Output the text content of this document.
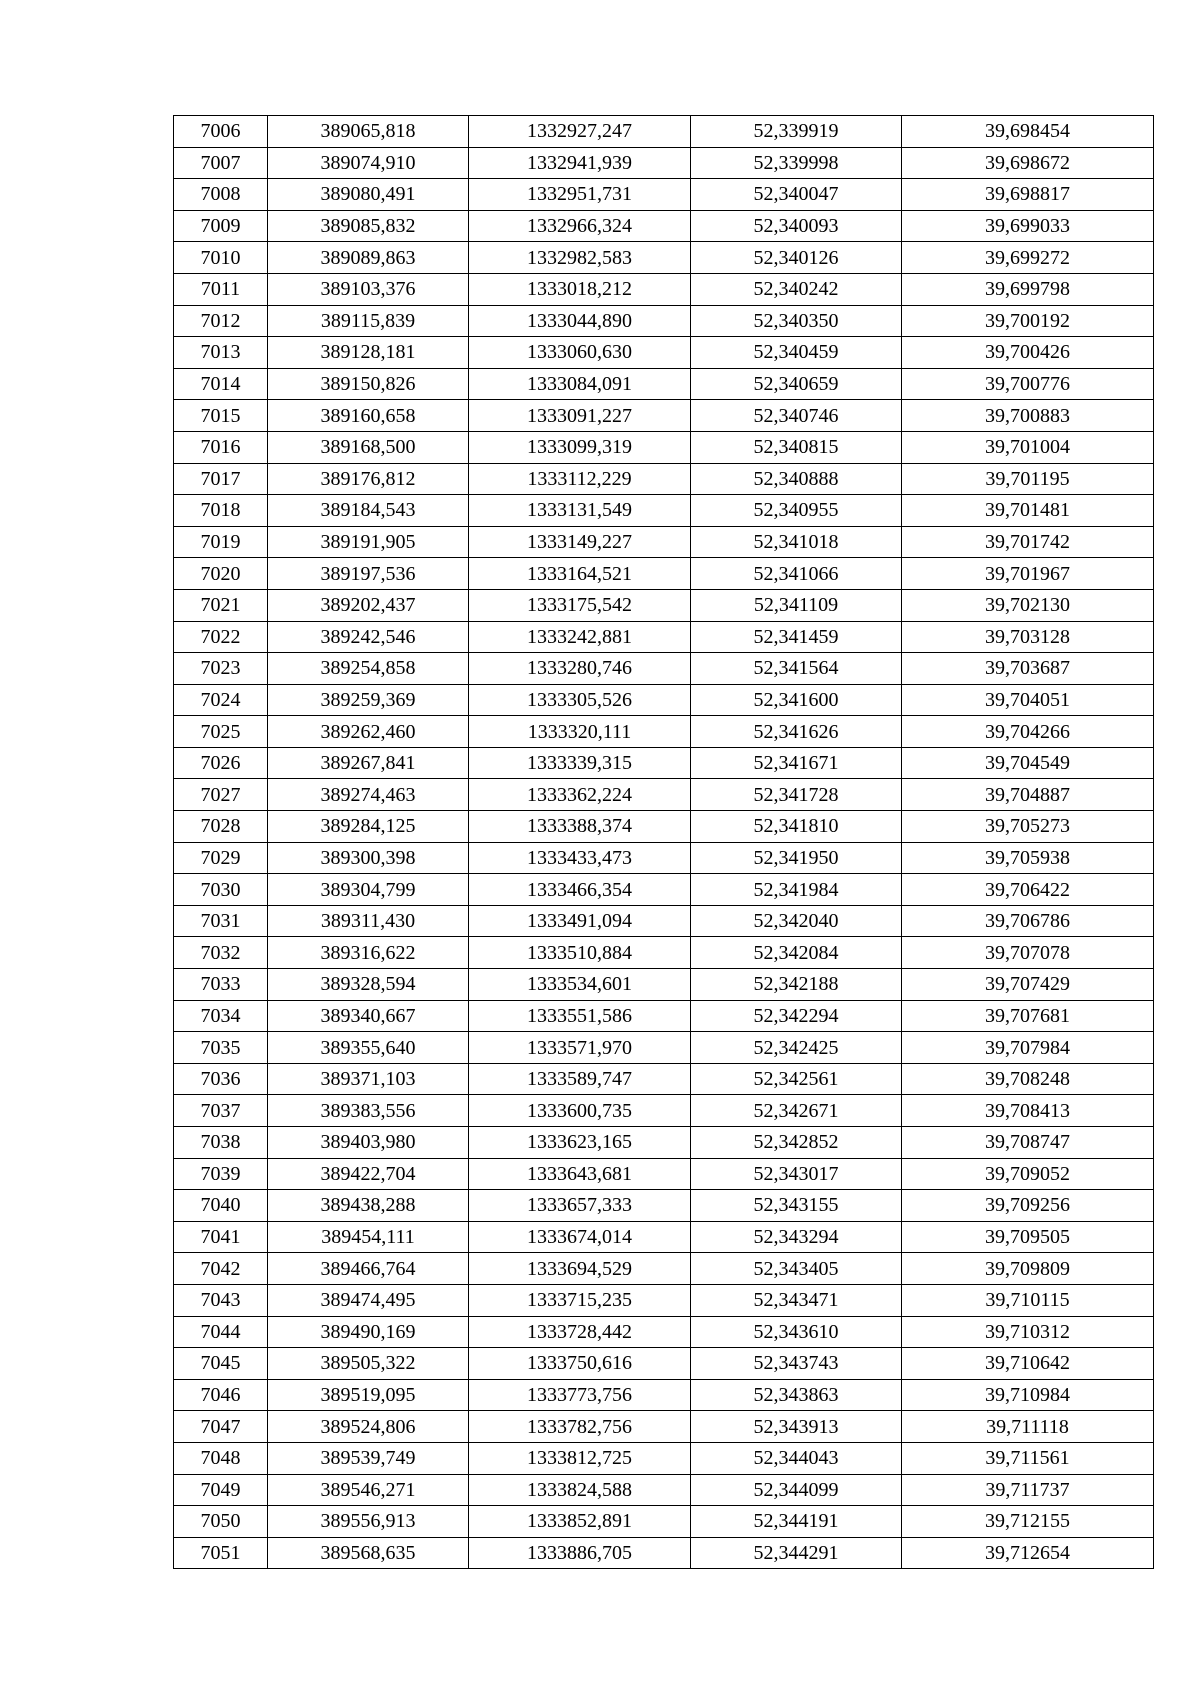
7006	389065,818	1332927,247	52,339919	39,698454
7007	389074,910	1332941,939	52,339998	39,698672
7008	389080,491	1332951,731	52,340047	39,698817
7009	389085,832	1332966,324	52,340093	39,699033
7010	389089,863	1332982,583	52,340126	39,699272
7011	389103,376	1333018,212	52,340242	39,699798
7012	389115,839	1333044,890	52,340350	39,700192
7013	389128,181	1333060,630	52,340459	39,700426
7014	389150,826	1333084,091	52,340659	39,700776
7015	389160,658	1333091,227	52,340746	39,700883
7016	389168,500	1333099,319	52,340815	39,701004
7017	389176,812	1333112,229	52,340888	39,701195
7018	389184,543	1333131,549	52,340955	39,701481
7019	389191,905	1333149,227	52,341018	39,701742
7020	389197,536	1333164,521	52,341066	39,701967
7021	389202,437	1333175,542	52,341109	39,702130
7022	389242,546	1333242,881	52,341459	39,703128
7023	389254,858	1333280,746	52,341564	39,703687
7024	389259,369	1333305,526	52,341600	39,704051
7025	389262,460	1333320,111	52,341626	39,704266
7026	389267,841	1333339,315	52,341671	39,704549
7027	389274,463	1333362,224	52,341728	39,704887
7028	389284,125	1333388,374	52,341810	39,705273
7029	389300,398	1333433,473	52,341950	39,705938
7030	389304,799	1333466,354	52,341984	39,706422
7031	389311,430	1333491,094	52,342040	39,706786
7032	389316,622	1333510,884	52,342084	39,707078
7033	389328,594	1333534,601	52,342188	39,707429
7034	389340,667	1333551,586	52,342294	39,707681
7035	389355,640	1333571,970	52,342425	39,707984
7036	389371,103	1333589,747	52,342561	39,708248
7037	389383,556	1333600,735	52,342671	39,708413
7038	389403,980	1333623,165	52,342852	39,708747
7039	389422,704	1333643,681	52,343017	39,709052
7040	389438,288	1333657,333	52,343155	39,709256
7041	389454,111	1333674,014	52,343294	39,709505
7042	389466,764	1333694,529	52,343405	39,709809
7043	389474,495	1333715,235	52,343471	39,710115
7044	389490,169	1333728,442	52,343610	39,710312
7045	389505,322	1333750,616	52,343743	39,710642
7046	389519,095	1333773,756	52,343863	39,710984
7047	389524,806	1333782,756	52,343913	39,711118
7048	389539,749	1333812,725	52,344043	39,711561
7049	389546,271	1333824,588	52,344099	39,711737
7050	389556,913	1333852,891	52,344191	39,712155
7051	389568,635	1333886,705	52,344291	39,712654
